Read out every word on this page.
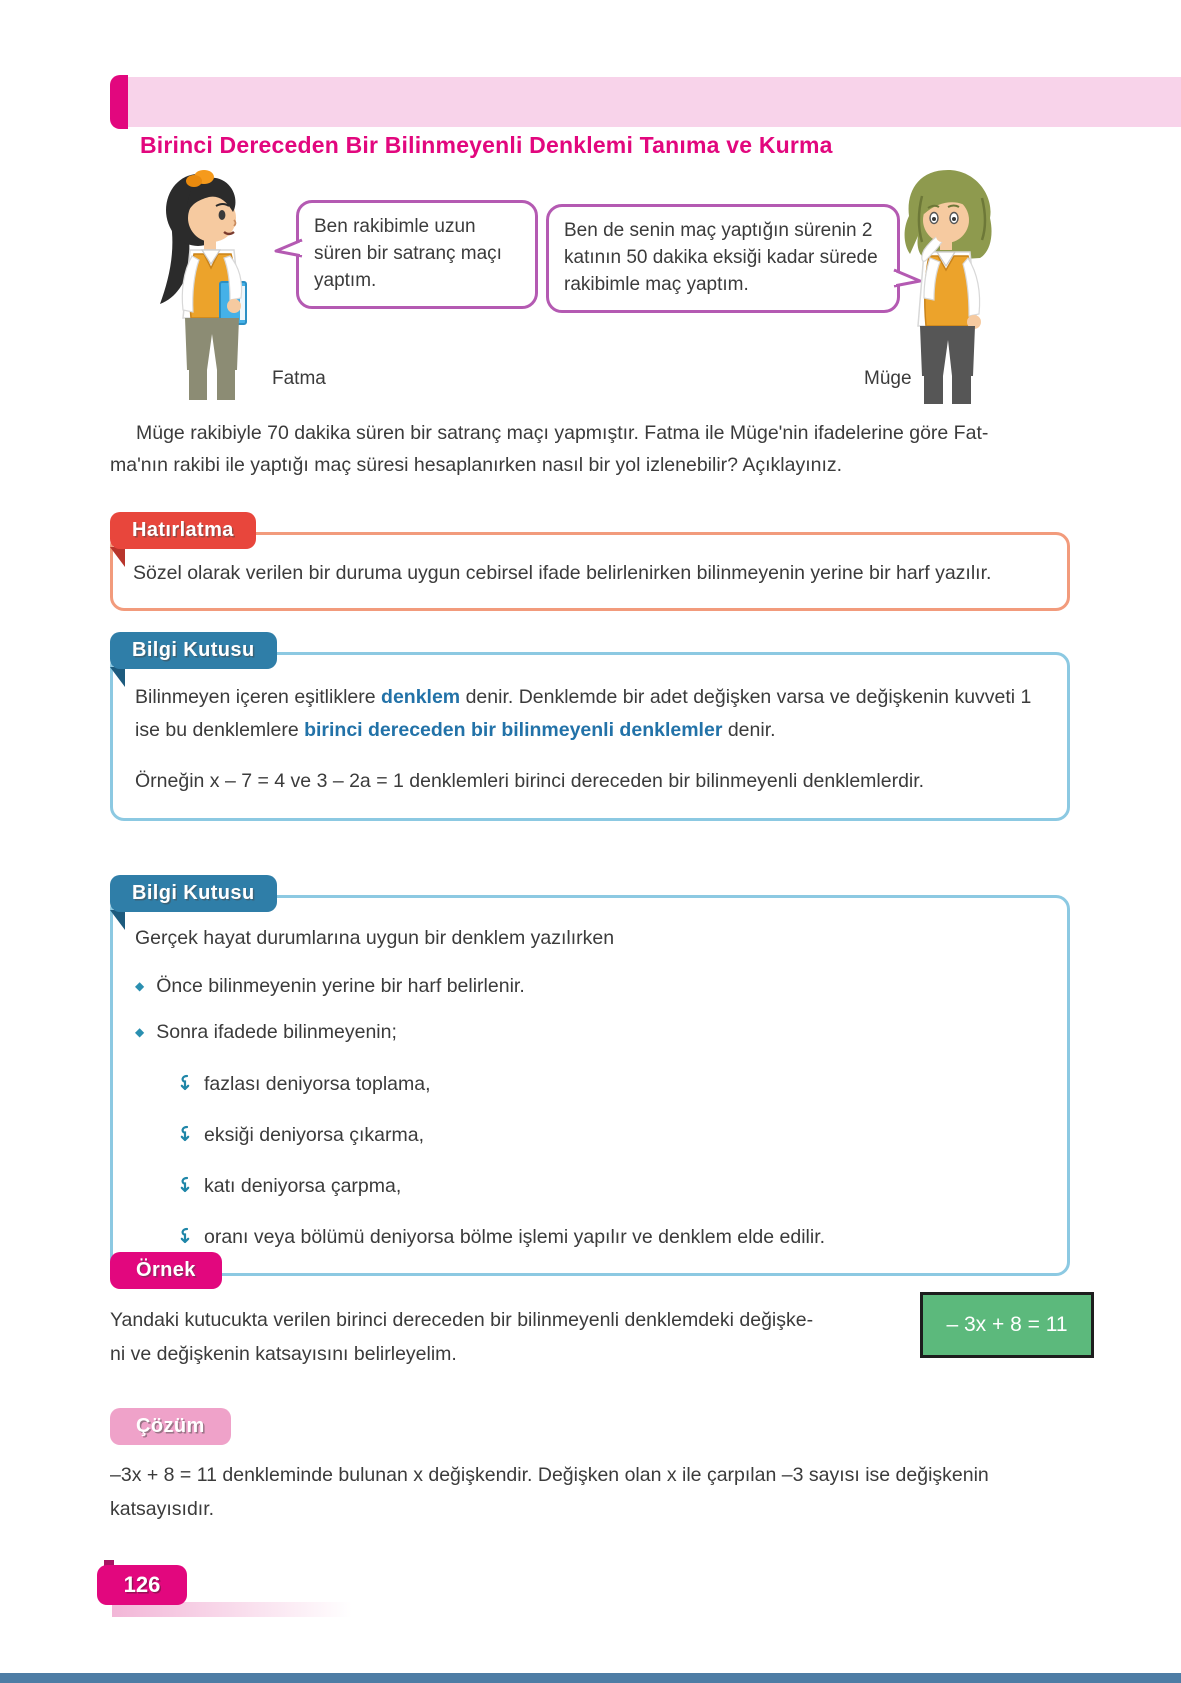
Birinci Dereceden Bir Bilinmeyenli Denklemi Tanıma ve Kurma
Ben rakibimle uzun süren bir satranç maçı yaptım.
Ben de senin maç yaptığın sürenin 2 katının 50 dakika eksiği kadar sürede rakibimle maç yaptım.
Fatma	Müge

Müge rakibiyle 70 dakika süren bir satranç maçı yapmıştır. Fatma ile Müge'nin ifadelerine göre Fat-
ma'nın rakibi ile yaptığı maç süresi hesaplanırken nasıl bir yol izlenebilir? Açıklayınız.

Hatırlatma

Sözel olarak verilen bir duruma uygun cebirsel ifade belirlenirken bilinmeyenin yerine bir harf yazılır.

Bilgi Kutusu

Bilinmeyen içeren eşitliklere denklem denir. Denklemde bir adet değişken varsa ve değişkenin kuvveti 1 ise bu denklemlere birinci dereceden bir bilinmeyenli denklemler denir.

Örneğin x – 7 = 4 ve 3 – 2a = 1 denklemleri birinci dereceden bir bilinmeyenli denklemlerdir.

Bilgi Kutusu

Gerçek hayat durumlarına uygun bir denklem yazılırken

◆ Önce bilinmeyenin yerine bir harf belirlenir.
◆ Sonra ifadede bilinmeyenin;
fazlası deniyorsa toplama,
eksiği deniyorsa çıkarma,
katı deniyorsa çarpma,
oranı veya bölümü deniyorsa bölme işlemi yapılır ve denklem elde edilir.
Örnek

Yandaki kutucukta verilen birinci dereceden bir bilinmeyenli denklemdeki değişke-
ni ve değişkenin katsayısını belirleyelim.

– 3x + 8 = 11
Çözüm

–3x + 8 = 11 denkleminde bulunan x değişkendir. Değişken olan x ile çarpılan –3 sayısı ise değişkenin
katsayısıdır.

126
